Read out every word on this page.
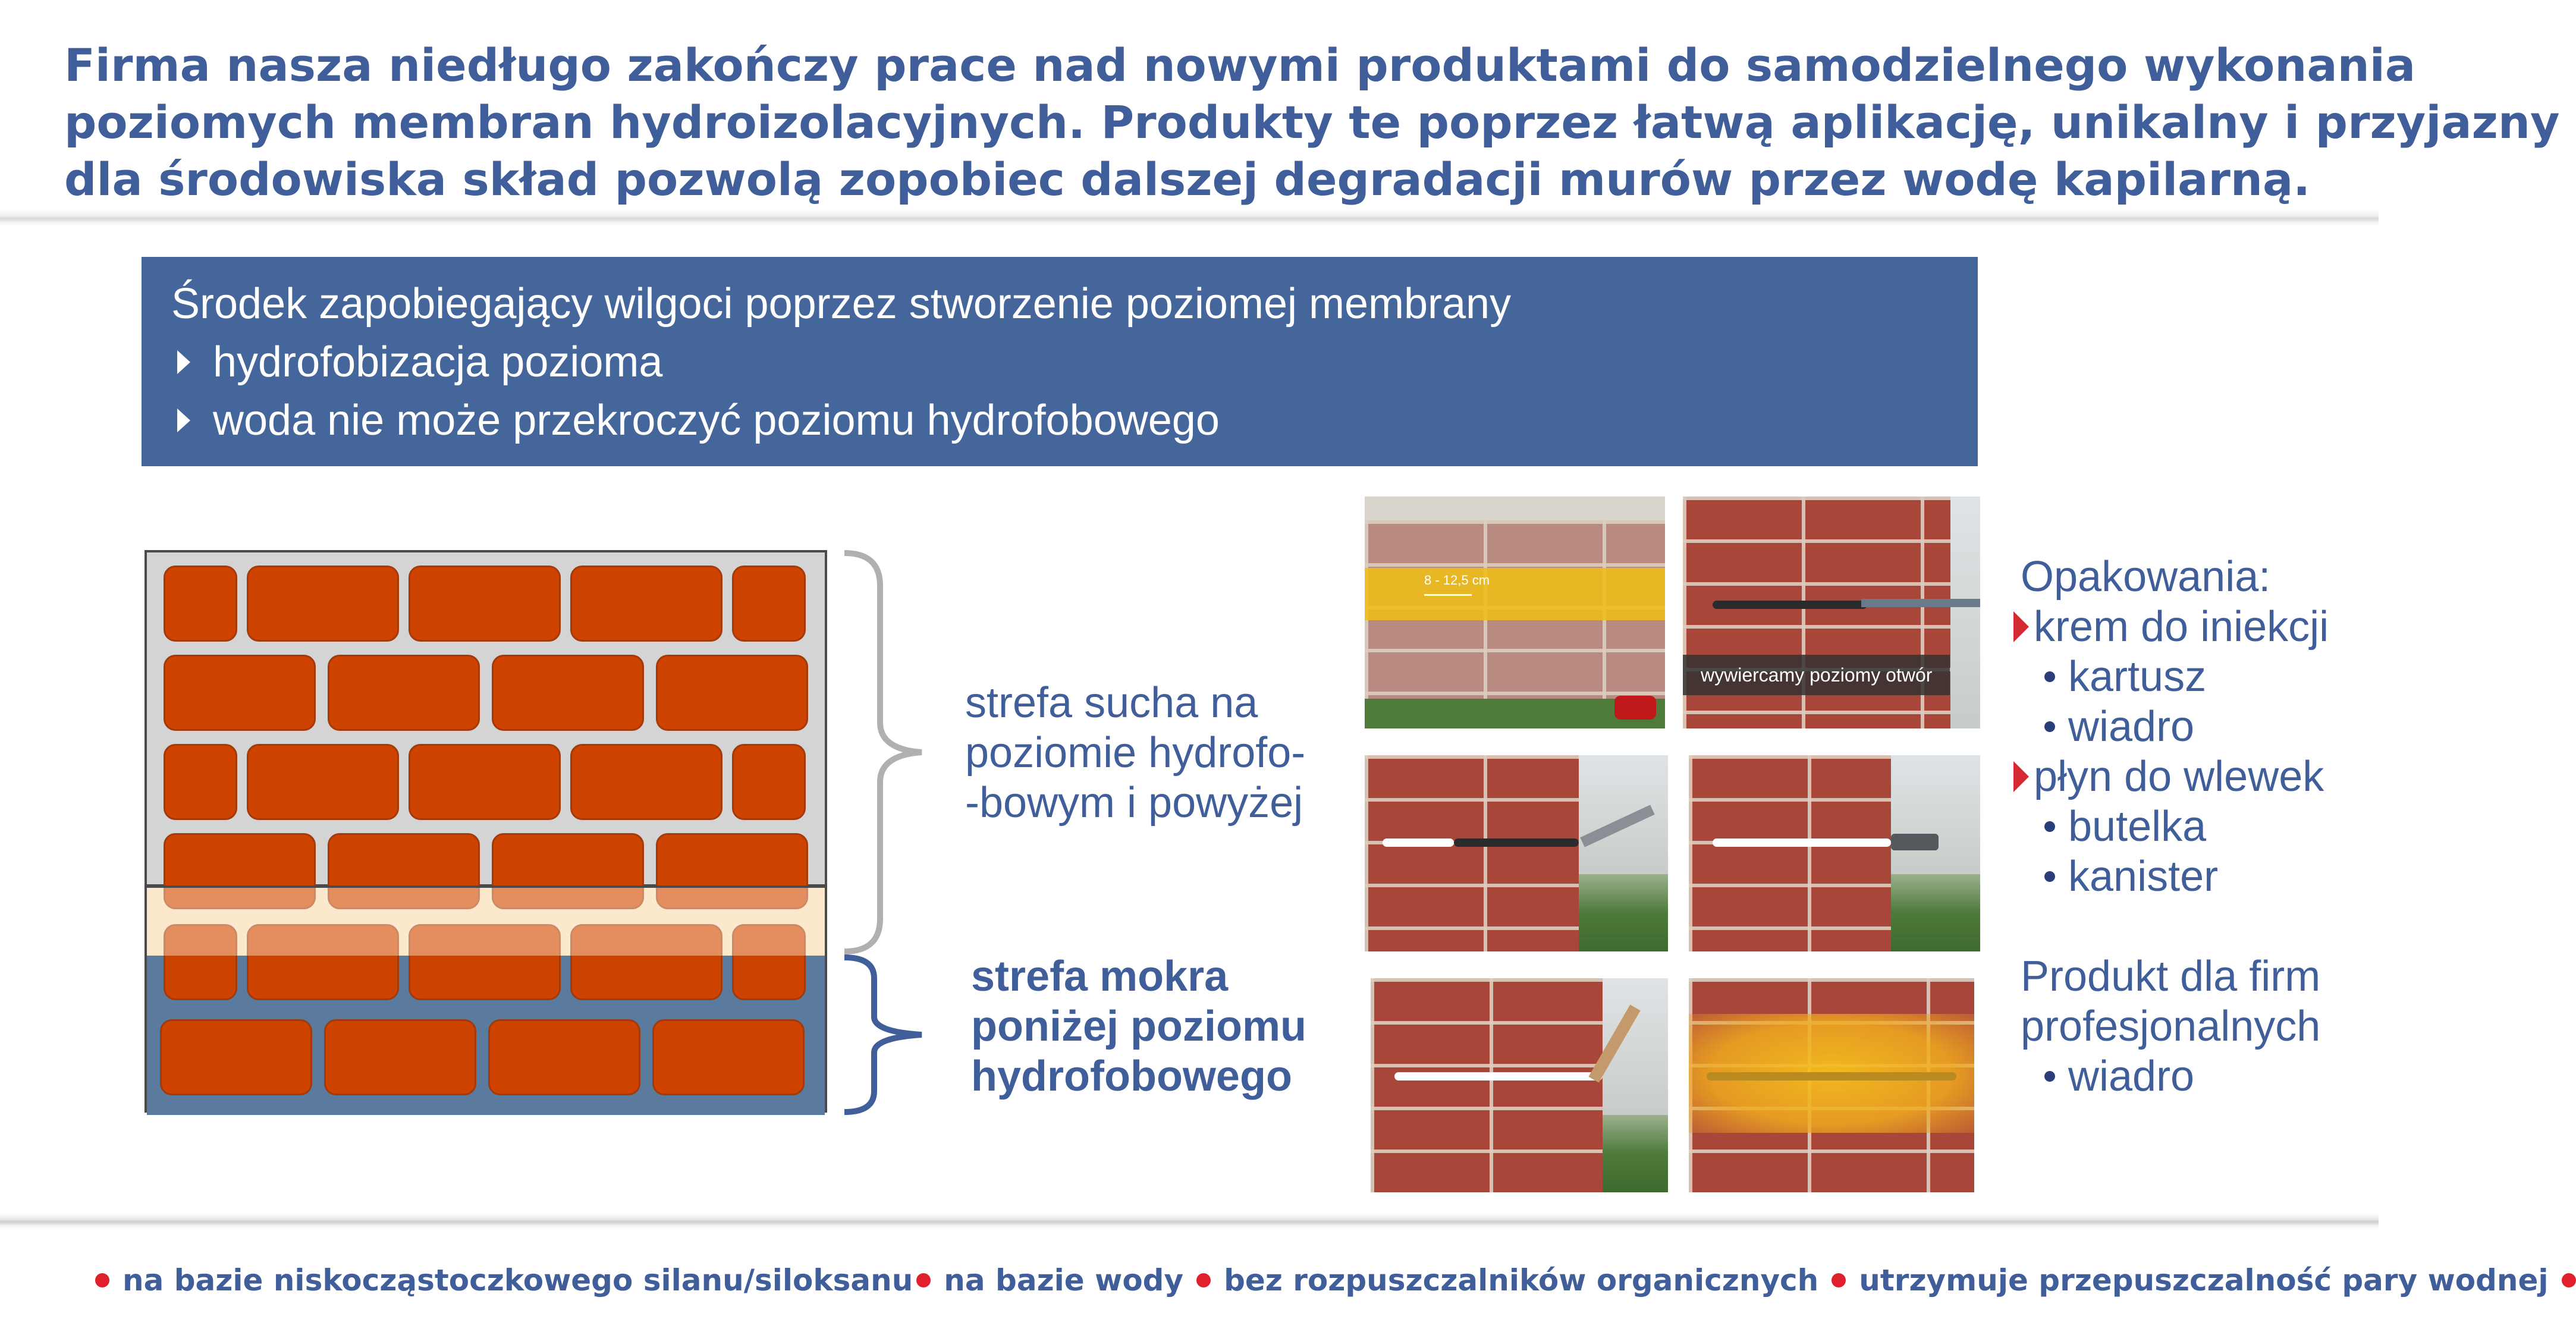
Firma nasza niedługo zakończy prace nad nowymi produktami do samodzielnego wykonania
poziomych membran hydroizolacyjnych. Produkty te poprzez łatwą aplikację, unikalny i przyjazny
dla środowiska skład pozwolą zopobiec dalszej degradacji murów przez wodę kapilarną.
Środek zapobiegający wilgoci poprzez stworzenie poziomej membrany
hydrofobizacja pozioma
woda nie może przekroczyć poziomu hydrofobowego
strefa sucha na
poziomie hydrofo-
-bowym i powyżej
strefa mokra
poniżej poziomu
hydrofobowego
8 - 12,5 cm
wywiercamy poziomy otwór
Opakowania:
krem do iniekcji
kartusz
wiadro
płyn do wlewek
butelka
kanister
Produkt dla firm
profesjonalnych
wiadro
na bazie niskocząstoczkowego silanu/siloksanu na bazie wody bez rozpuszczalników organicznych utrzymuje przepuszczalność pary wodnej
